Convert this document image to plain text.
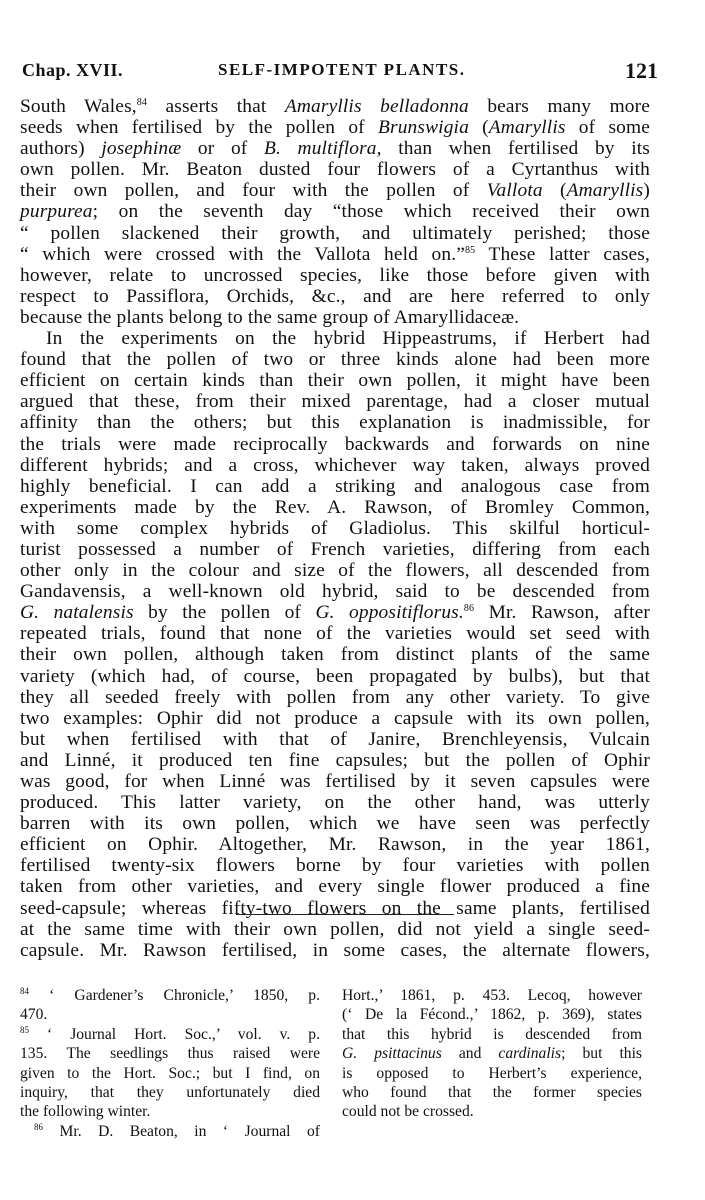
Chap. XVII.	SELF-IMPOTENT PLANTS.	121
South Wales,$^{84}$ asserts that Amaryllis belladonna bears many more
seeds when fertilised by the pollen of Brunswigia (Amaryllis of some
authors) josephinæ or of B. multiflora, than when fertilised by its
own pollen. Mr. Beaton dusted four flowers of a Cyrtanthus with
their own pollen, and four with the pollen of Vallota (Amaryllis)
purpurea; on the seventh day “those which received their own
“ pollen slackened their growth, and ultimately perished; those
“ which were crossed with the Vallota held on.”$^{85}$ These latter cases,
however, relate to uncrossed species, like those before given with
respect to Passiflora, Orchids, &c., and are here referred to only
because the plants belong to the same group of Amaryllidaceæ.
In the experiments on the hybrid Hippeastrums, if Herbert had
found that the pollen of two or three kinds alone had been more
efficient on certain kinds than their own pollen, it might have been
argued that these, from their mixed parentage, had a closer mutual
affinity than the others; but this explanation is inadmissible, for
the trials were made reciprocally backwards and forwards on nine
different hybrids; and a cross, whichever way taken, always proved
highly beneficial. I can add a striking and analogous case from
experiments made by the Rev. A. Rawson, of Bromley Common,
with some complex hybrids of Gladiolus. This skilful horticul-
turist possessed a number of French varieties, differing from each
other only in the colour and size of the flowers, all descended from
Gandavensis, a well-known old hybrid, said to be descended from
G. natalensis by the pollen of G. oppositiflorus.$^{86}$ Mr. Rawson, after
repeated trials, found that none of the varieties would set seed with
their own pollen, although taken from distinct plants of the same
variety (which had, of course, been propagated by bulbs), but that
they all seeded freely with pollen from any other variety. To give
two examples: Ophir did not produce a capsule with its own pollen,
but when fertilised with that of Janire, Brenchleyensis, Vulcain
and Linné, it produced ten fine capsules; but the pollen of Ophir
was good, for when Linné was fertilised by it seven capsules were
produced. This latter variety, on the other hand, was utterly
barren with its own pollen, which we have seen was perfectly
efficient on Ophir. Altogether, Mr. Rawson, in the year 1861,
fertilised twenty-six flowers borne by four varieties with pollen
taken from other varieties, and every single flower produced a fine
seed-capsule; whereas fifty-two flowers on the same plants, fertilised
at the same time with their own pollen, did not yield a single seed-
capsule. Mr. Rawson fertilised, in some cases, the alternate flowers,
$^{84}$ ‘ Gardener’s Chronicle,’ 1850, p.
470.
$^{85}$ ‘ Journal Hort. Soc.,’ vol. v. p.
135. The seedlings thus raised were
given to the Hort. Soc.; but I find, on
inquiry, that they unfortunately died
the following winter.
$^{86}$ Mr. D. Beaton, in ‘ Journal of
Hort.,’ 1861, p. 453. Lecoq, however
(‘ De la Fécond.,’ 1862, p. 369), states
that this hybrid is descended from
G. psittacinus and cardinalis; but this
is opposed to Herbert’s experience,
who found that the former species
could not be crossed.
